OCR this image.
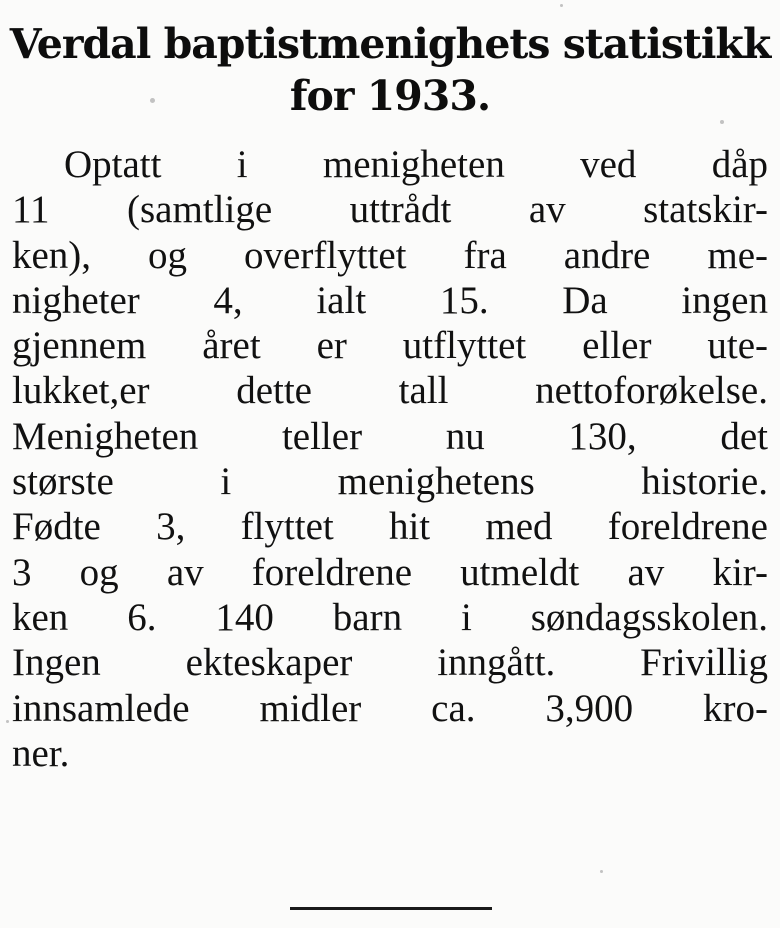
Verdal baptistmenighets statistikk
for 1933.
Optatt i menigheten ved dåp
11 (samtlige uttrådt av statskir-
ken), og overflyttet fra andre me-
nigheter 4, ialt 15. Da ingen
gjennem året er utflyttet eller ute-
lukket,er dette tall nettoforøkelse.
Menigheten teller nu 130, det
største i menighetens historie.
Fødte 3, flyttet hit med foreldrene
3 og av foreldrene utmeldt av kir-
ken 6. 140 barn i søndagsskolen.
Ingen ekteskaper inngått. Frivillig
innsamlede midler ca. 3,900 kro-
ner.
